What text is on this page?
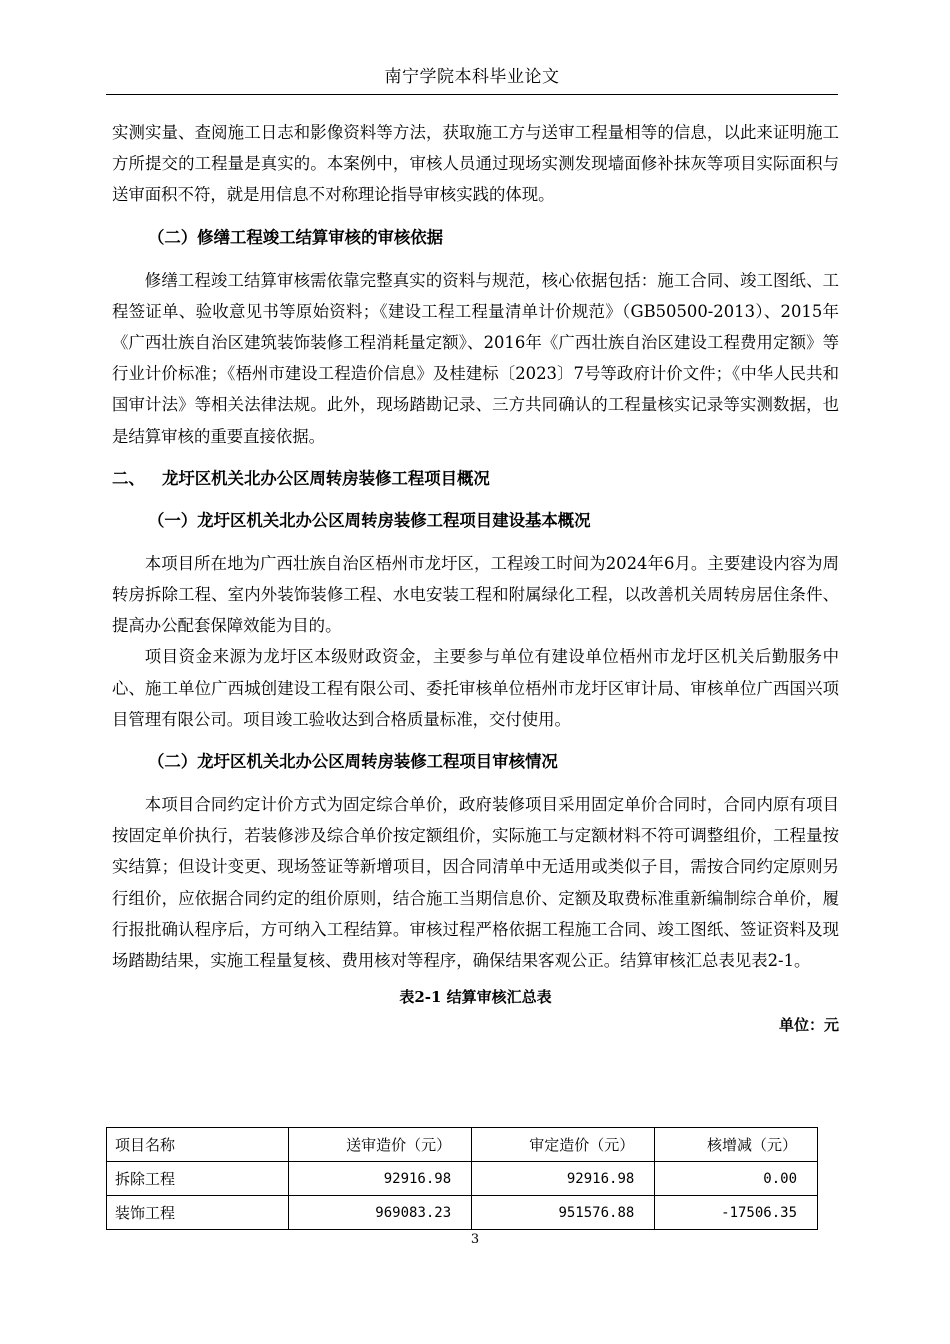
南宁学院本科毕业论文

实测实量、查阅施工日志和影像资料等方法，获取施工方与送审工程量相等的信息，以此来证明施工方所提交的工程量是真实的。本案例中，审核人员通过现场实测发现墙面修补抹灰等项目实际面积与送审面积不符，就是用信息不对称理论指导审核实践的体现。

（二）修缮工程竣工结算审核的审核依据

修缮工程竣工结算审核需依靠完整真实的资料与规范，核心依据包括：施工合同、竣工图纸、工程签证单、验收意见书等原始资料；《建设工程工程量清单计价规范》（GB50500-2013）、2015年《广西壮族自治区建筑装饰装修工程消耗量定额》、2016年《广西壮族自治区建设工程费用定额》等行业计价标准；《梧州市建设工程造价信息》及桂建标〔2023〕7号等政府计价文件；《中华人民共和国审计法》等相关法律法规。此外，现场踏勘记录、三方共同确认的工程量核实记录等实测数据，也是结算审核的重要直接依据。

二、 龙圩区机关北办公区周转房装修工程项目概况
（一）龙圩区机关北办公区周转房装修工程项目建设基本概况

本项目所在地为广西壮族自治区梧州市龙圩区，工程竣工时间为2024年6月。主要建设内容为周转房拆除工程、室内外装饰装修工程、水电安装工程和附属绿化工程，以改善机关周转房居住条件、提高办公配套保障效能为目的。

项目资金来源为龙圩区本级财政资金，主要参与单位有建设单位梧州市龙圩区机关后勤服务中心、施工单位广西城创建设工程有限公司、委托审核单位梧州市龙圩区审计局、审核单位广西国兴项目管理有限公司。项目竣工验收达到合格质量标准，交付使用。

（二）龙圩区机关北办公区周转房装修工程项目审核情况

本项目合同约定计价方式为固定综合单价，政府装修项目采用固定单价合同时，合同内原有项目按固定单价执行，若装修涉及综合单价按定额组价，实际施工与定额材料不符可调整组价，工程量按实结算；但设计变更、现场签证等新增项目，因合同清单中无适用或类似子目，需按合同约定原则另行组价，应依据合同约定的组价原则，结合施工当期信息价、定额及取费标准重新编制综合单价，履行报批确认程序后，方可纳入工程结算。审核过程严格依据工程施工合同、竣工图纸、签证资料及现场踏勘结果，实施工程量复核、费用核对等程序，确保结果客观公正。结算审核汇总表见表2-1。

表2-1 结算审核汇总表
单位：元
项目名称	送审造价（元）	审定造价（元）	核增减（元）
拆除工程	92916.98	92916.98	0.00
装饰工程	969083.23	951576.88	-17506.35
3
